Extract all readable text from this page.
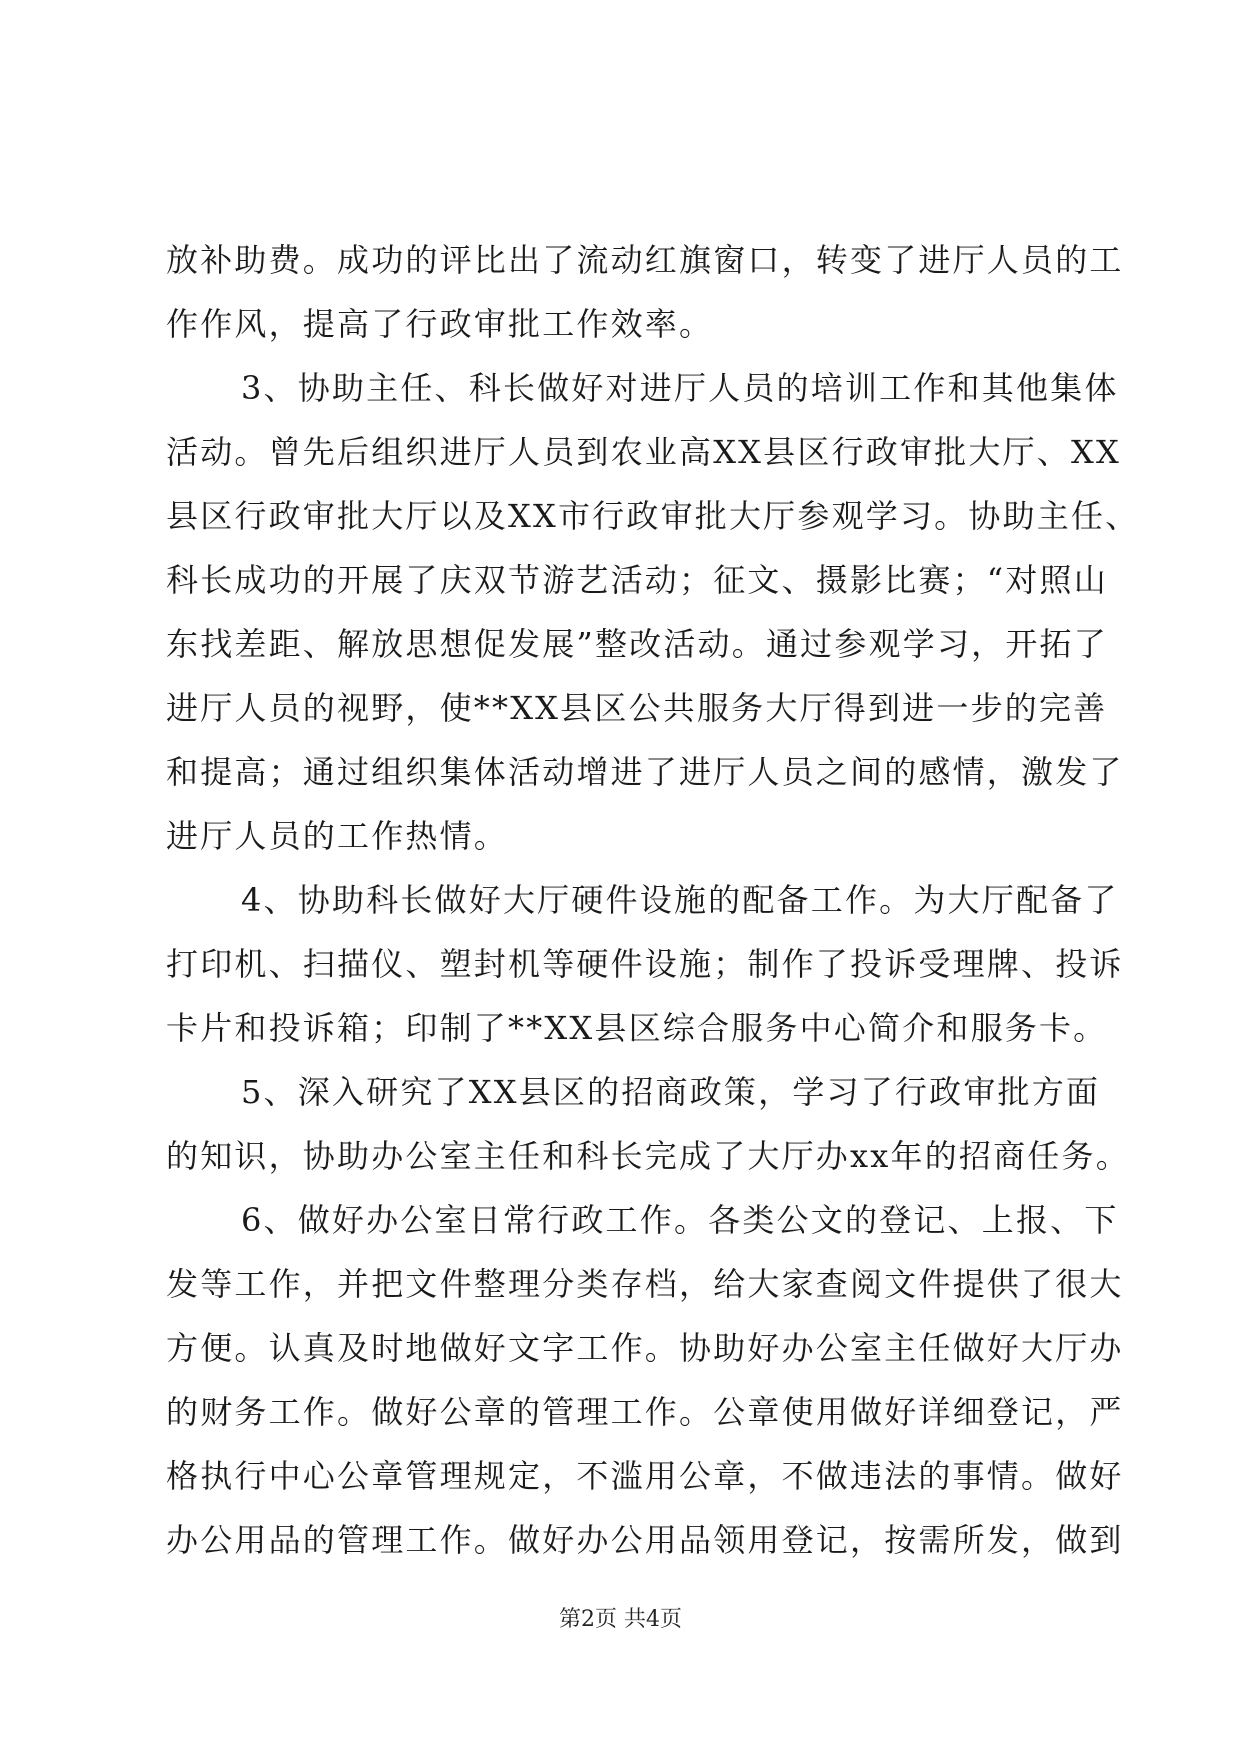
放补助费。成功的评比出了流动红旗窗口，转变了进厅人员的工
作作风，提高了行政审批工作效率。
3、协助主任、科长做好对进厅人员的培训工作和其他集体
活动。曾先后组织进厅人员到农业高XX县区行政审批大厅、XX
县区行政审批大厅以及XX市行政审批大厅参观学习。协助主任、
科长成功的开展了庆双节游艺活动；征文、摄影比赛；“对照山
东找差距、解放思想促发展”整改活动。通过参观学习，开拓了
进厅人员的视野，使**XX县区公共服务大厅得到进一步的完善
和提高；通过组织集体活动增进了进厅人员之间的感情，激发了
进厅人员的工作热情。
4、协助科长做好大厅硬件设施的配备工作。为大厅配备了
打印机、扫描仪、塑封机等硬件设施；制作了投诉受理牌、投诉
卡片和投诉箱；印制了**XX县区综合服务中心简介和服务卡。
5、深入研究了XX县区的招商政策，学习了行政审批方面
的知识，协助办公室主任和科长完成了大厅办xx年的招商任务。
6、做好办公室日常行政工作。各类公文的登记、上报、下
发等工作，并把文件整理分类存档，给大家查阅文件提供了很大
方便。认真及时地做好文字工作。协助好办公室主任做好大厅办
的财务工作。做好公章的管理工作。公章使用做好详细登记，严
格执行中心公章管理规定，不滥用公章，不做违法的事情。做好
办公用品的管理工作。做好办公用品领用登记，按需所发，做到
第2页 共4页
